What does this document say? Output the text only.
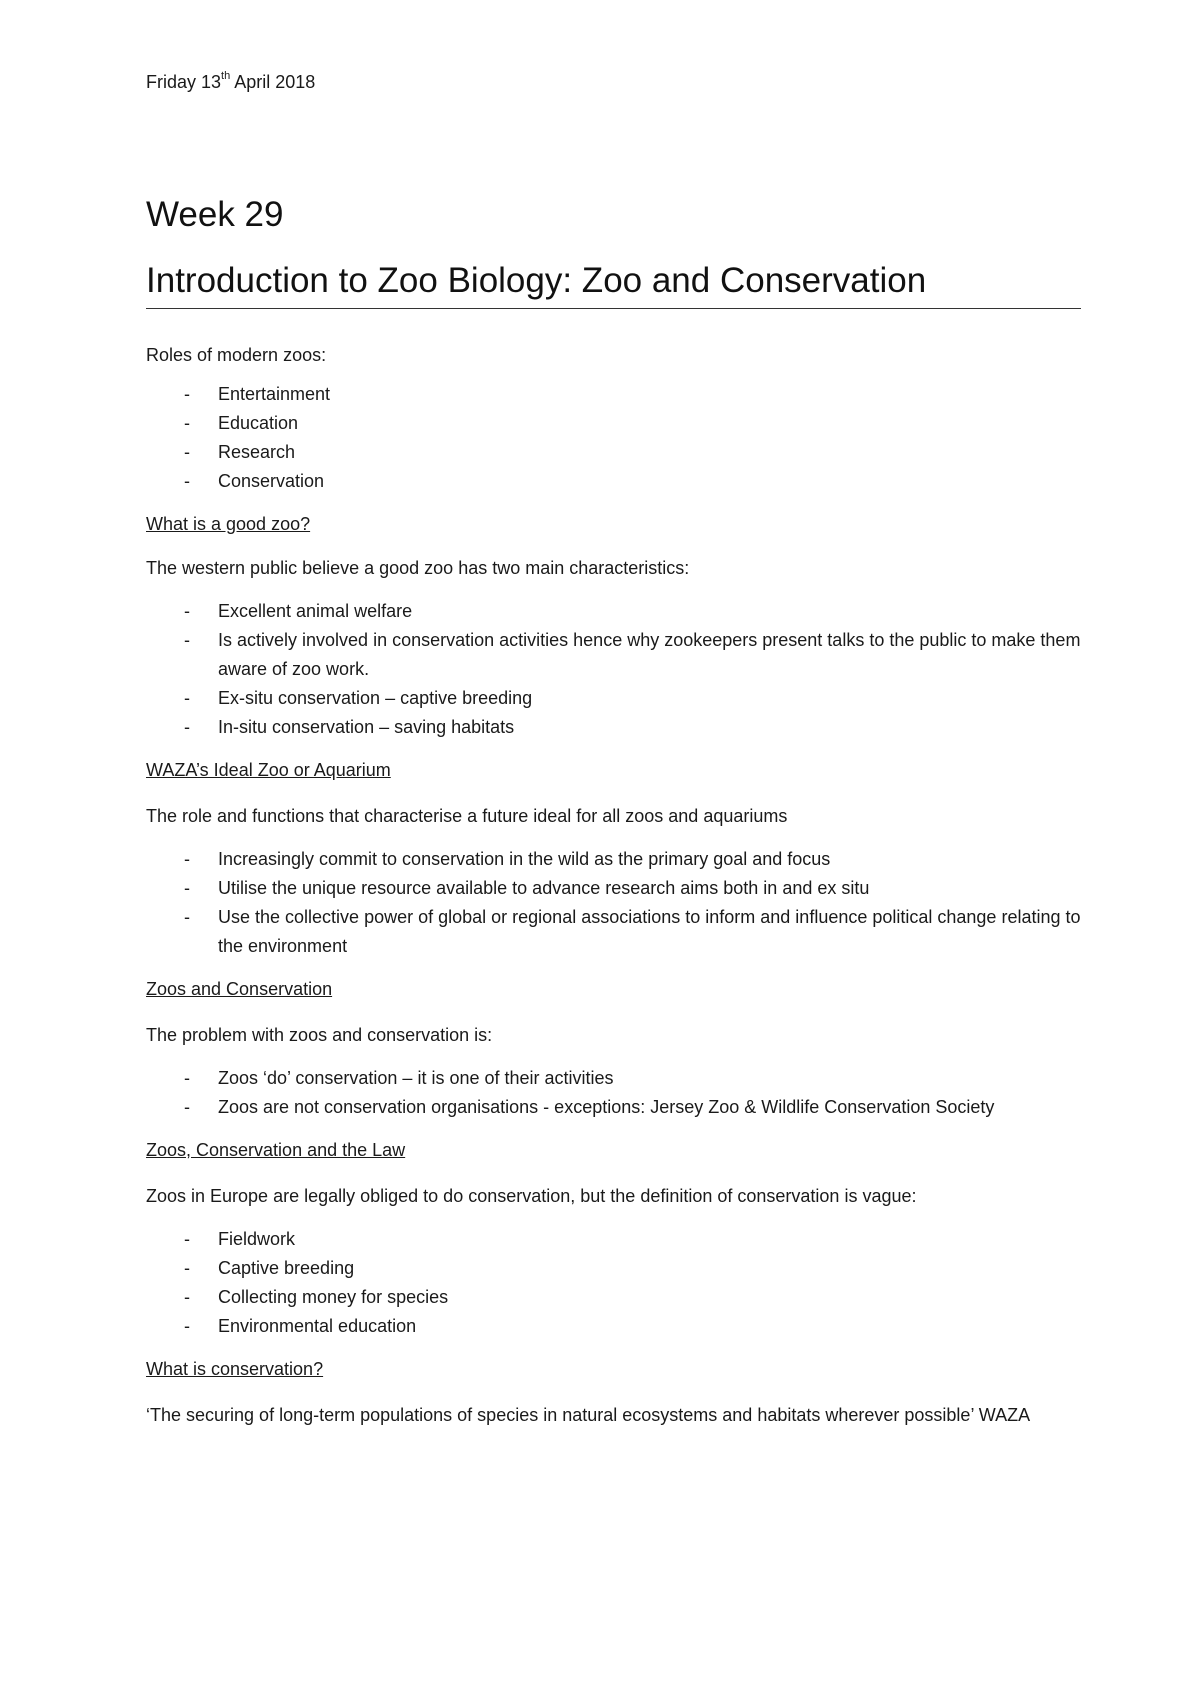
Friday 13th April 2018

Week 29
Introduction to Zoo Biology: Zoo and Conservation

Roles of modern zoos:

- Entertainment
- Education
- Research
- Conservation

What is a good zoo?

The western public believe a good zoo has two main characteristics:

- Excellent animal welfare
- Is actively involved in conservation activities hence why zookeepers present talks to the public to make them aware of zoo work.
- Ex-situ conservation – captive breeding
- In-situ conservation – saving habitats

WAZA’s Ideal Zoo or Aquarium

The role and functions that characterise a future ideal for all zoos and aquariums

- Increasingly commit to conservation in the wild as the primary goal and focus
- Utilise the unique resource available to advance research aims both in and ex situ
- Use the collective power of global or regional associations to inform and influence political change relating to the environment

Zoos and Conservation

The problem with zoos and conservation is:

- Zoos ‘do’ conservation – it is one of their activities
- Zoos are not conservation organisations - exceptions: Jersey Zoo & Wildlife Conservation Society

Zoos, Conservation and the Law

Zoos in Europe are legally obliged to do conservation, but the definition of conservation is vague:

- Fieldwork
- Captive breeding
- Collecting money for species
- Environmental education

What is conservation?

‘The securing of long-term populations of species in natural ecosystems and habitats wherever possible’ WAZA
